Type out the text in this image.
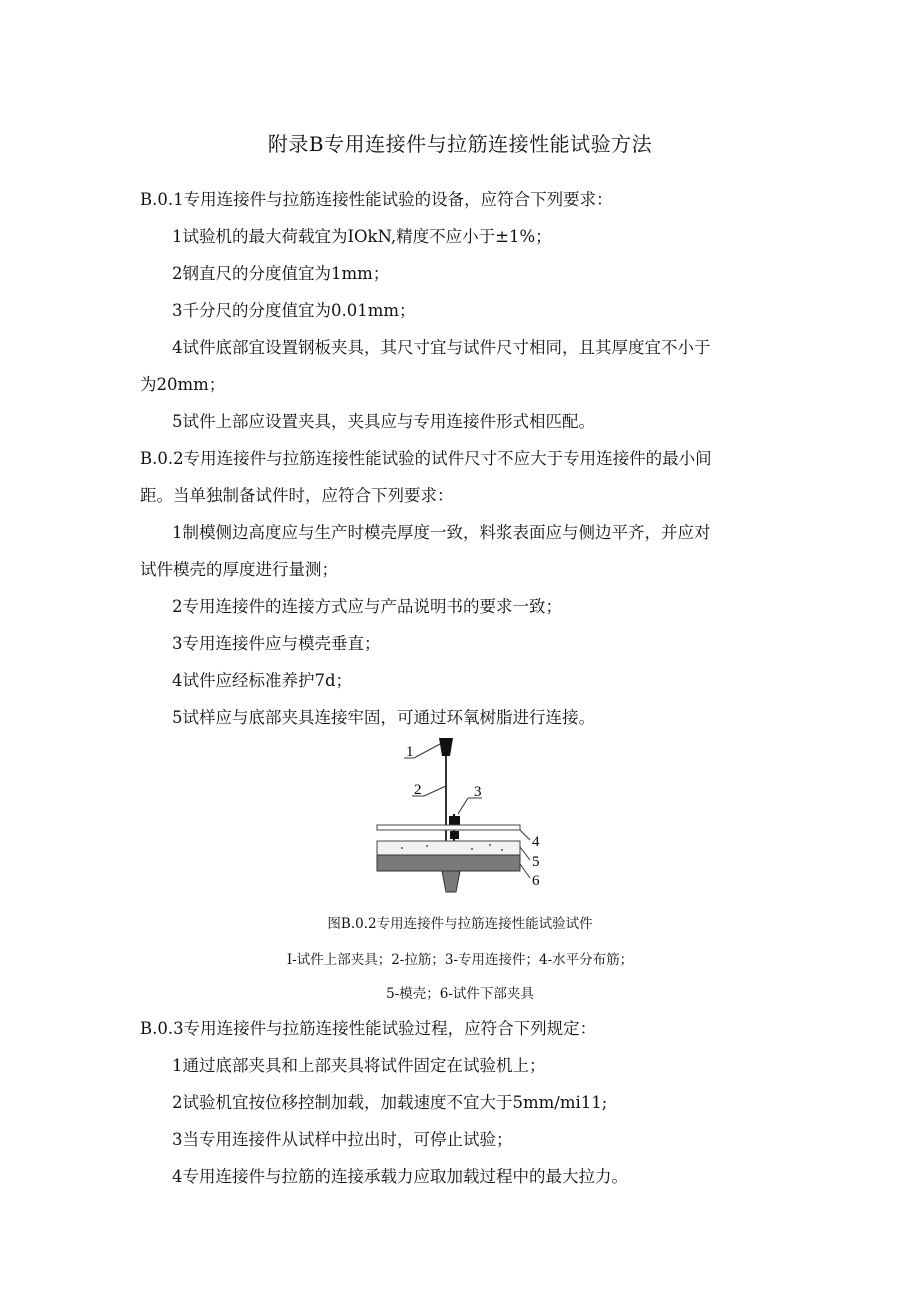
附录B专用连接件与拉筋连接性能试验方法
B.0.1专用连接件与拉筋连接性能试验的设备，应符合下列要求：
1试验机的最大荷载宜为IOkN,精度不应小于±1%；
2钢直尺的分度值宜为1mm；
3千分尺的分度值宜为0.01mm；
4试件底部宜设置钢板夹具，其尺寸宜与试件尺寸相同，且其厚度宜不小于
为20mm；
5试件上部应设置夹具，夹具应与专用连接件形式相匹配。
B.0.2专用连接件与拉筋连接性能试验的试件尺寸不应大于专用连接件的最小间
距。当单独制备试件时，应符合下列要求：
1制模侧边高度应与生产时模壳厚度一致，料浆表面应与侧边平齐，并应对
试件模壳的厚度进行量测；
2专用连接件的连接方式应与产品说明书的要求一致；
3专用连接件应与模壳垂直；
4试件应经标准养护7d；
5试样应与底部夹具连接牢固，可通过环氧树脂进行连接。
1
2	3
4
5
6
图B.0.2专用连接件与拉筋连接性能试验试件
I-试件上部夹具；2-拉筋；3-专用连接件；4-水平分布筋；
5-模壳；6-试件下部夹具
B.0.3专用连接件与拉筋连接性能试验过程，应符合下列规定：
1通过底部夹具和上部夹具将试件固定在试验机上；
2试验机宜按位移控制加载，加载速度不宜大于5mm∕mi11;
3当专用连接件从试样中拉出时，可停止试验；
4专用连接件与拉筋的连接承载力应取加载过程中的最大拉力。
